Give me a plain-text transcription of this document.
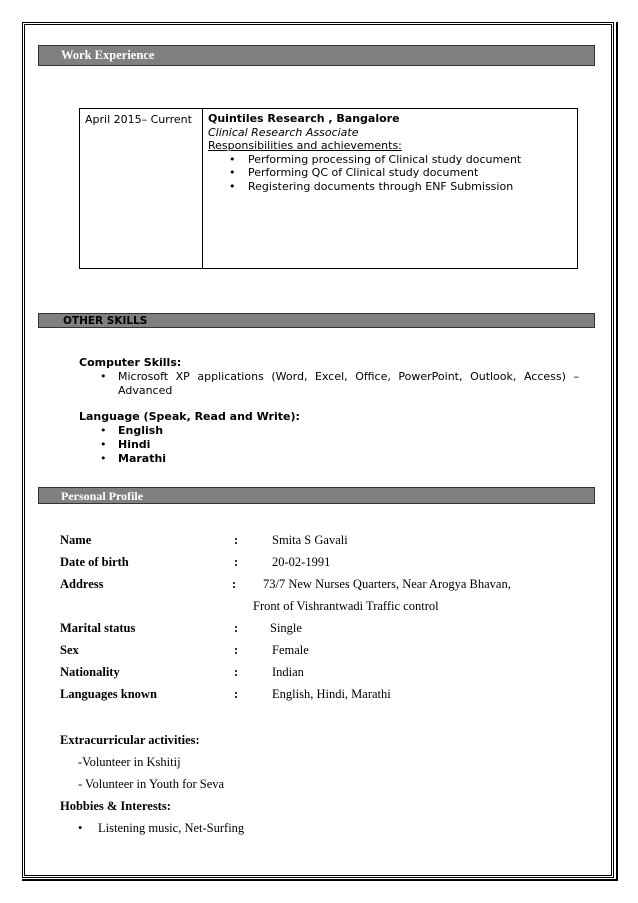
Work Experience
April 2015– Current	Quintiles Research , Bangalore
Clinical Research Associate
Responsibilities and achievements:
• Performing processing of Clinical study document
• Performing QC of Clinical study document
• Registering documents through ENF Submission
OTHER SKILLS
Computer Skills:
• Microsoft XP applications (Word, Excel, Office, PowerPoint, Outlook, Access) – Advanced
Language (Speak, Read and Write):
• English
• Hindi
• Marathi
Personal Profile
Name	:	Smita S Gavali
Date of birth	:	20-02-1991
Address	: 73/7 New Nurses Quarters, Near Arogya Bhavan,
Front of Vishrantwadi Traffic control
Marital status	:	Single
Sex	:	Female
Nationality	:	Indian
Languages known	:	English, Hindi, Marathi
Extracurricular activities:
-Volunteer in Kshitij
- Volunteer in Youth for Seva
Hobbies & Interests:
• Listening music, Net-Surfing
